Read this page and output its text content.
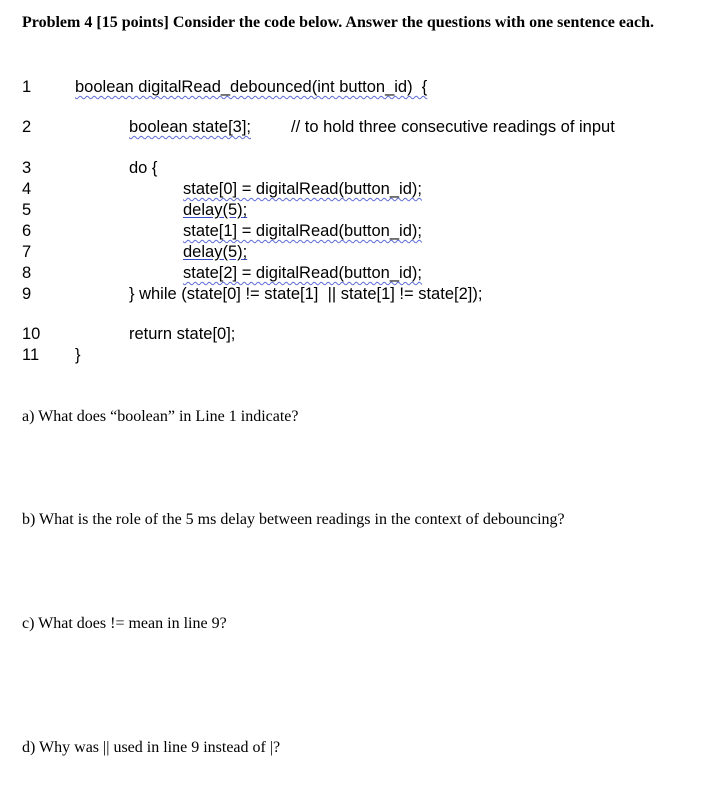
Problem 4 [15 points] Consider the code below. Answer the questions with one sentence each.
1
2
3
4
5
6
7
8
9
10
11
boolean digitalRead_debounced(int button_id)  {
boolean state[3]; // to hold three consecutive readings of input
do {
state[0] = digitalRead(button_id);
delay(5);
state[1] = digitalRead(button_id);
delay(5);
state[2] = digitalRead(button_id);
} while (state[0] != state[1]  || state[1] != state[2]);
return state[0];
}
a) What does “boolean” in Line 1 indicate?
b) What is the role of the 5 ms delay between readings in the context of debouncing?
c) What does != mean in line 9?
d) Why was || used in line 9 instead of |?
